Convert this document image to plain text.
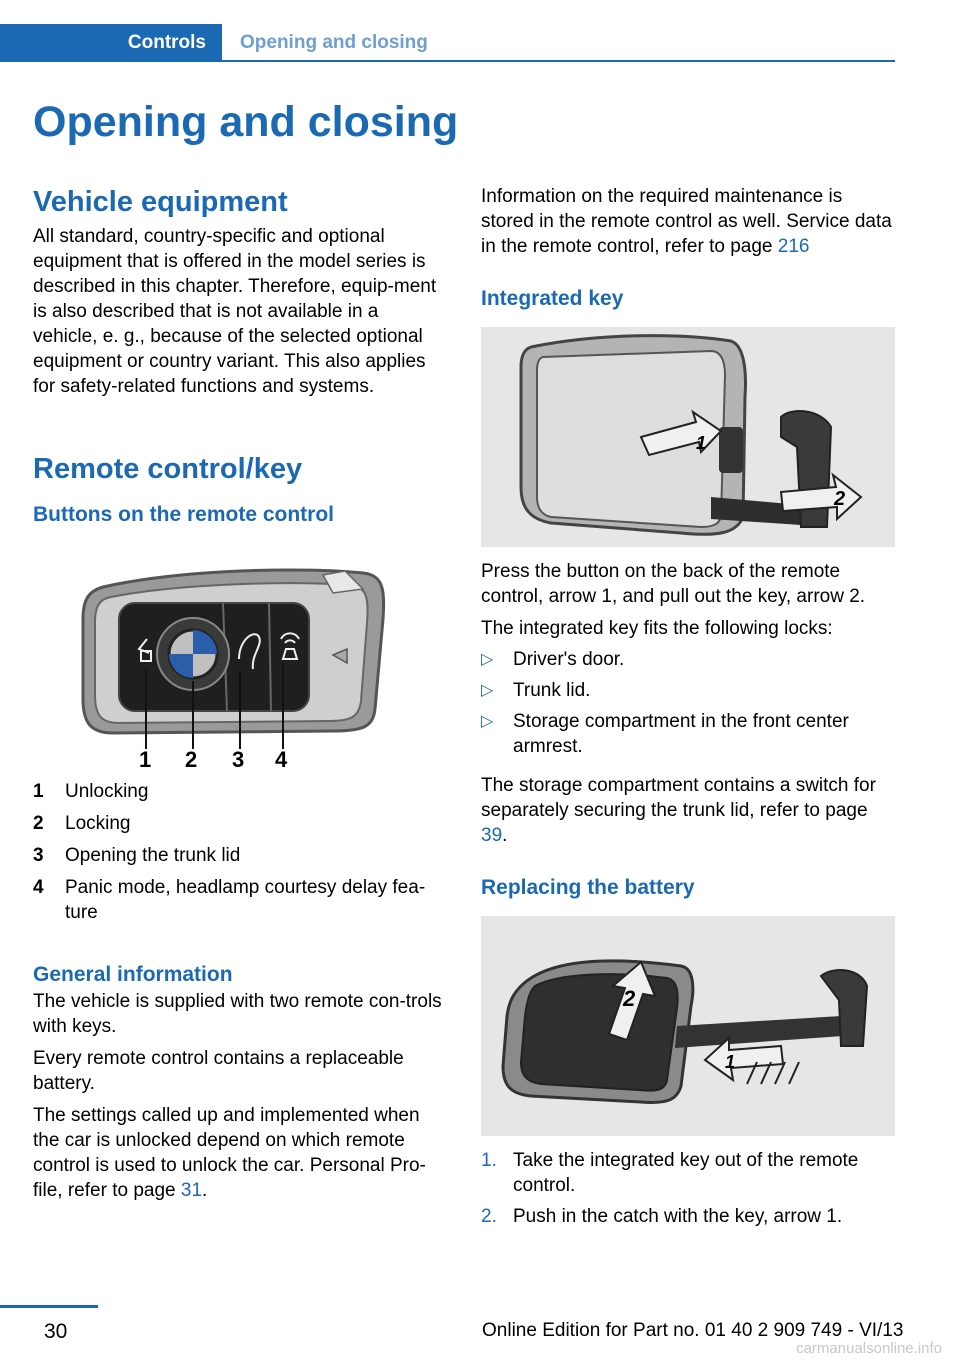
Controls	Opening and closing
Opening and closing
Vehicle equipment

All standard, country-specific and optional equipment that is offered in the model series is described in this chapter. Therefore, equip-ment is also described that is not available in a vehicle, e. g., because of the selected optional equipment or country variant. This also applies for safety-related functions and systems.

Remote control/key
Buttons on the remote control
1 2 3 4
1	Unlocking
2	Locking
3	Opening the trunk lid
4	Panic mode, headlamp courtesy delay fea-ture
General information

The vehicle is supplied with two remote con-trols with keys.

Every remote control contains a replaceable battery.

The settings called up and implemented when the car is unlocked depend on which remote control is used to unlock the car. Personal Pro-file, refer to page 31.

Information on the required maintenance is stored in the remote control as well. Service data in the remote control, refer to page 216

Integrated key
1
2

Press the button on the back of the remote control, arrow 1, and pull out the key, arrow 2.

The integrated key fits the following locks:

▷	Driver's door.
▷	Trunk lid.
▷	Storage compartment in the front center armrest.

The storage compartment contains a switch for separately securing the trunk lid, refer to page 39.

Replacing the battery
2
1
1. Take the integrated key out of the remote control.
2. Push in the catch with the key, arrow 1.
30	Online Edition for Part no. 01 40 2 909 749 - VI/13
carmanualsonline.info
